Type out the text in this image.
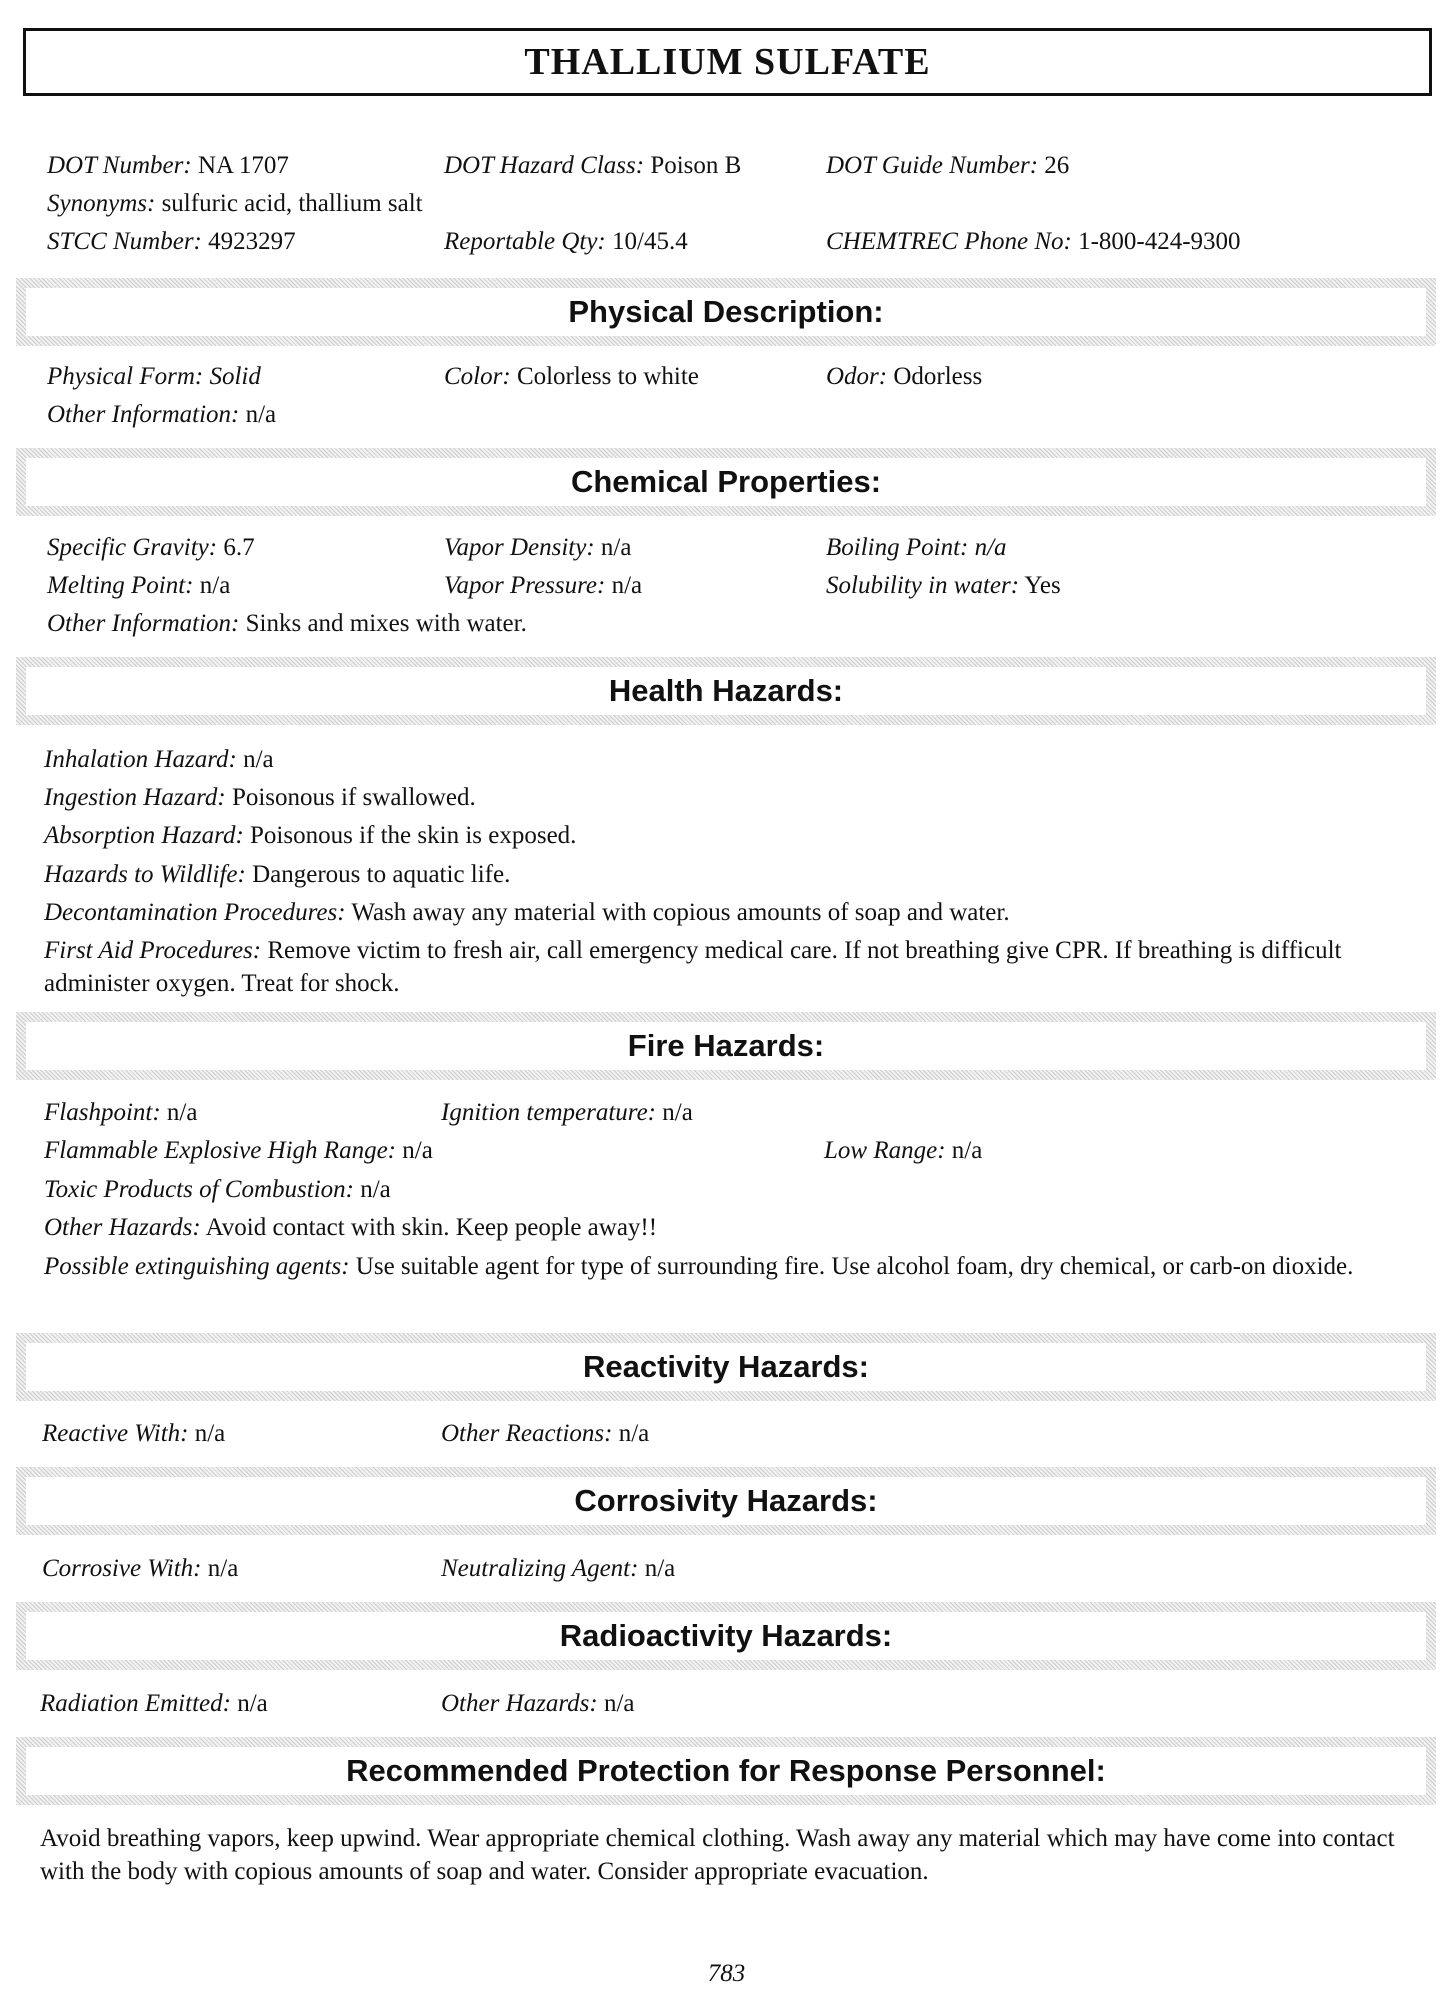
THALLIUM SULFATE
DOT Number: NA 1707	DOT Hazard Class: Poison B	DOT Guide Number: 26
Synonyms: sulfuric acid, thallium salt
STCC Number: 4923297	Reportable Qty: 10/45.4	CHEMTREC Phone No: 1-800-424-9300
Physical Description:
Physical Form: Solid	Color: Colorless to white	Odor: Odorless
Other Information: n/a
Chemical Properties:
Specific Gravity: 6.7	Vapor Density: n/a	Boiling Point: n/a
Melting Point: n/a	Vapor Pressure: n/a	Solubility in water: Yes
Other Information: Sinks and mixes with water.
Health Hazards:
Inhalation Hazard: n/a
Ingestion Hazard: Poisonous if swallowed.
Absorption Hazard: Poisonous if the skin is exposed.
Hazards to Wildlife: Dangerous to aquatic life.
Decontamination Procedures: Wash away any material with copious amounts of soap and water.
First Aid Procedures: Remove victim to fresh air, call emergency medical care. If not breathing give CPR. If breathing is difficult administer oxygen. Treat for shock.
Fire Hazards:
Flashpoint: n/a	Ignition temperature: n/a
Flammable Explosive High Range: n/a	Low Range: n/a
Toxic Products of Combustion: n/a
Other Hazards: Avoid contact with skin. Keep people away!!
Possible extinguishing agents: Use suitable agent for type of surrounding fire. Use alcohol foam, dry chemical, or carb-on dioxide.
Reactivity Hazards:
Reactive With: n/a	Other Reactions: n/a
Corrosivity Hazards:
Corrosive With: n/a	Neutralizing Agent: n/a
Radioactivity Hazards:
Radiation Emitted: n/a	Other Hazards: n/a
Recommended Protection for Response Personnel:
Avoid breathing vapors, keep upwind. Wear appropriate chemical clothing. Wash away any material which may have come into contact with the body with copious amounts of soap and water. Consider appropriate evacuation.
783
